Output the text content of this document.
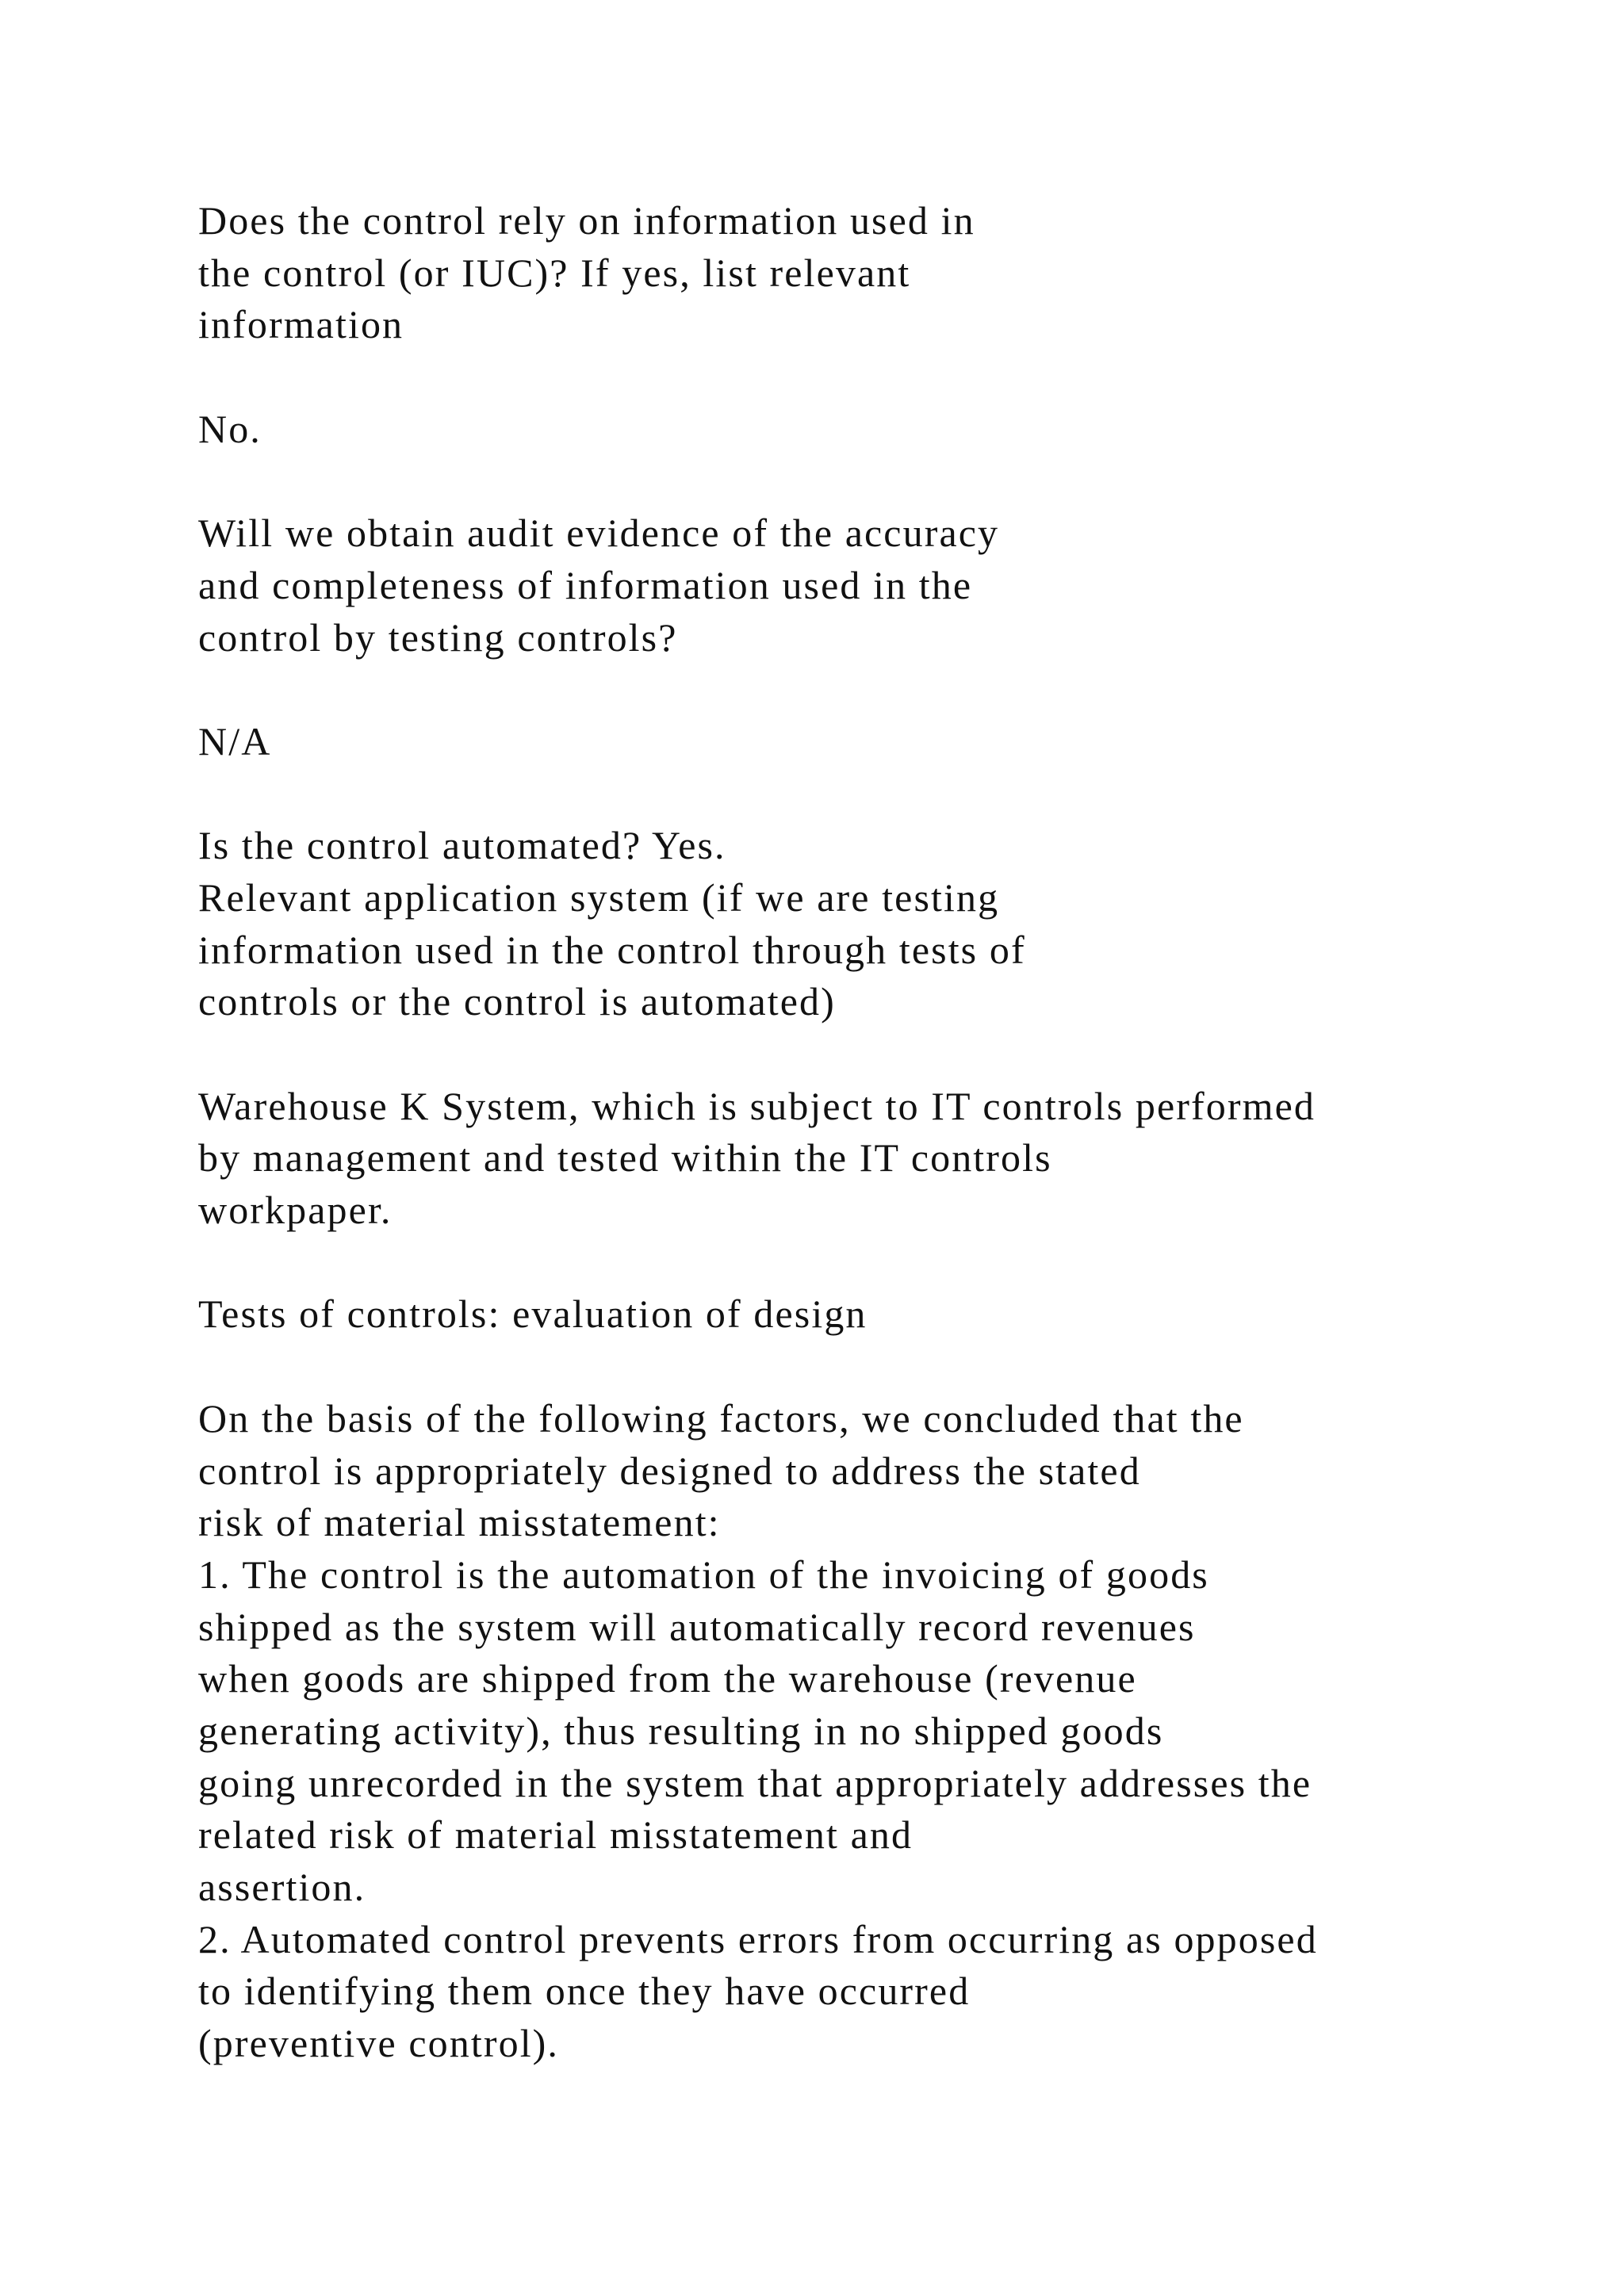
Does the control rely on information used in
the control (or IUC)? If yes, list relevant
information
No.
Will we obtain audit evidence of the accuracy
and completeness of information used in the
control by testing controls?
N/A
Is the control automated? Yes.
Relevant application system (if we are testing
information used in the control through tests of
controls or the control is automated)
Warehouse K System, which is subject to IT controls performed
by management and tested within the IT controls
workpaper.
Tests of controls: evaluation of design
On the basis of the following factors, we concluded that the
control is appropriately designed to address the stated
risk of material misstatement:
1. The control is the automation of the invoicing of goods
shipped as the system will automatically record revenues
when goods are shipped from the warehouse (revenue
generating activity), thus resulting in no shipped goods
going unrecorded in the system that appropriately addresses the
related risk of material misstatement and
assertion.
2. Automated control prevents errors from occurring as opposed
to identifying them once they have occurred
(preventive control).
